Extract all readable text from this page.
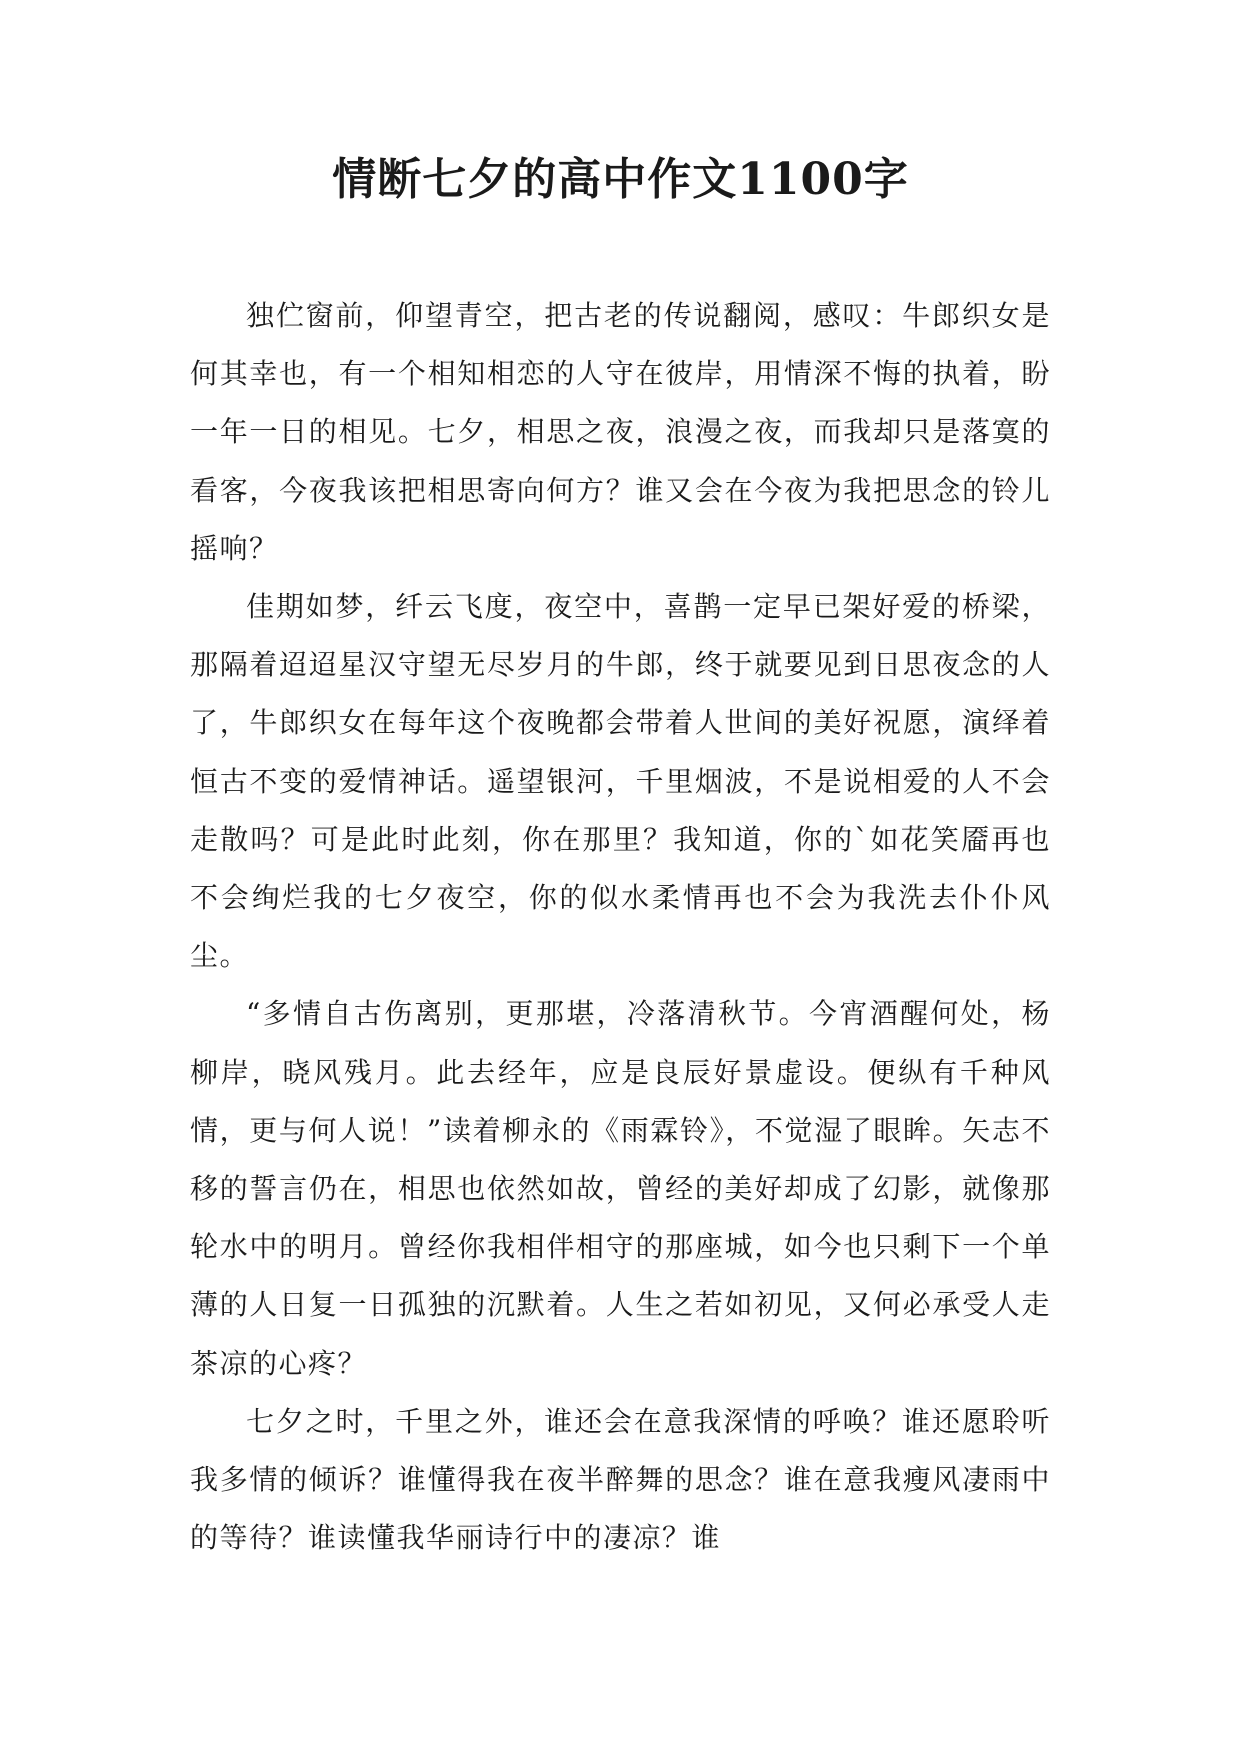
情断七夕的高中作文1100字

独伫窗前，仰望青空，把古老的传说翻阅，感叹：牛郎织女是何其幸也，有一个相知相恋的人守在彼岸，用情深不悔的执着，盼一年一日的相见。七夕，相思之夜，浪漫之夜，而我却只是落寞的看客，今夜我该把相思寄向何方？谁又会在今夜为我把思念的铃儿摇响？

佳期如梦，纤云飞度，夜空中，喜鹊一定早已架好爱的桥梁，那隔着迢迢星汉守望无尽岁月的牛郎，终于就要见到日思夜念的人了，牛郎织女在每年这个夜晚都会带着人世间的美好祝愿，演绎着恒古不变的爱情神话。遥望银河，千里烟波，不是说相爱的人不会走散吗？可是此时此刻，你在那里？我知道，你的`如花笑靥再也不会绚烂我的七夕夜空，你的似水柔情再也不会为我洗去仆仆风尘。

“多情自古伤离别，更那堪，冷落清秋节。今宵酒醒何处，杨柳岸，晓风残月。此去经年，应是良辰好景虚设。便纵有千种风情，更与何人说！”读着柳永的《雨霖铃》，不觉湿了眼眸。矢志不移的誓言仍在，相思也依然如故，曾经的美好却成了幻影，就像那轮水中的明月。曾经你我相伴相守的那座城，如今也只剩下一个单薄的人日复一日孤独的沉默着。人生之若如初见，又何必承受人走茶凉的心疼？

七夕之时，千里之外，谁还会在意我深情的呼唤？谁还愿聆听我多情的倾诉？谁懂得我在夜半醉舞的思念？谁在意我瘦风凄雨中的等待？谁读懂我华丽诗行中的凄凉？谁
